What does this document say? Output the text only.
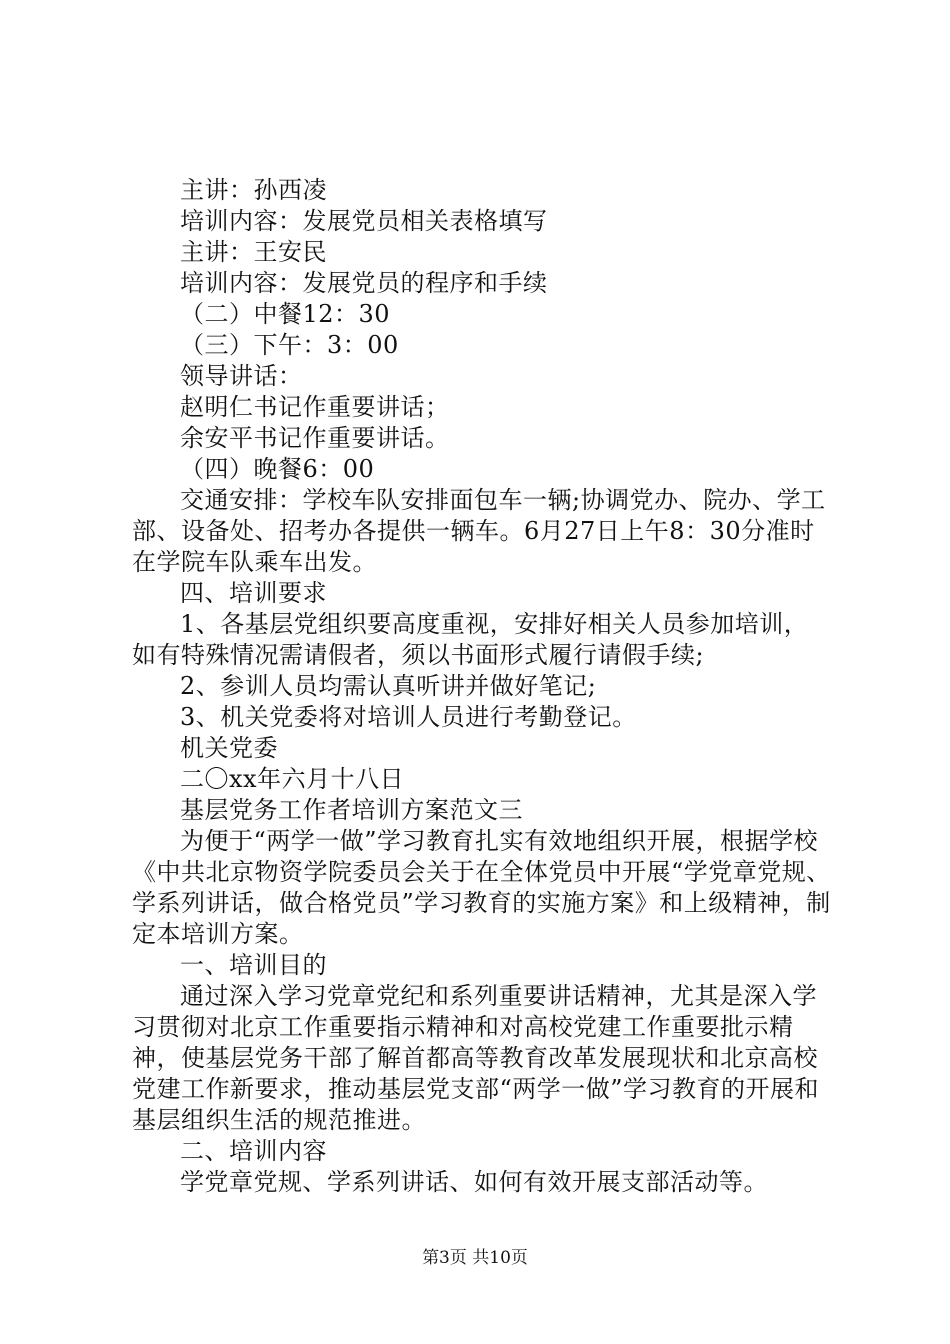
主讲：孙西凌

培训内容：发展党员相关表格填写

主讲：王安民

培训内容：发展党员的程序和手续

（二）中餐12：30

（三）下午：3：00

领导讲话：

赵明仁书记作重要讲话；

余安平书记作重要讲话。

（四）晚餐6：00

交通安排：学校车队安排面包车一辆;协调党办、院办、学工部、设备处、招考办各提供一辆车。6月27日上午8：30分准时在学院车队乘车出发。

四、培训要求

1、各基层党组织要高度重视，安排好相关人员参加培训，如有特殊情况需请假者，须以书面形式履行请假手续;

2、参训人员均需认真听讲并做好笔记;

3、机关党委将对培训人员进行考勤登记。

机关党委

二〇xx年六月十八日

基层党务工作者培训方案范文三

为便于“两学一做”学习教育扎实有效地组织开展，根据学校《中共北京物资学院委员会关于在全体党员中开展“学党章党规、学系列讲话，做合格党员”学习教育的实施方案》和上级精神，制定本培训方案。

一、培训目的

通过深入学习党章党纪和系列重要讲话精神，尤其是深入学习贯彻对北京工作重要指示精神和对高校党建工作重要批示精神，使基层党务干部了解首都高等教育改革发展现状和北京高校党建工作新要求，推动基层党支部“两学一做”学习教育的开展和基层组织生活的规范推进。

二、培训内容

学党章党规、学系列讲话、如何有效开展支部活动等。

第3页 共10页
